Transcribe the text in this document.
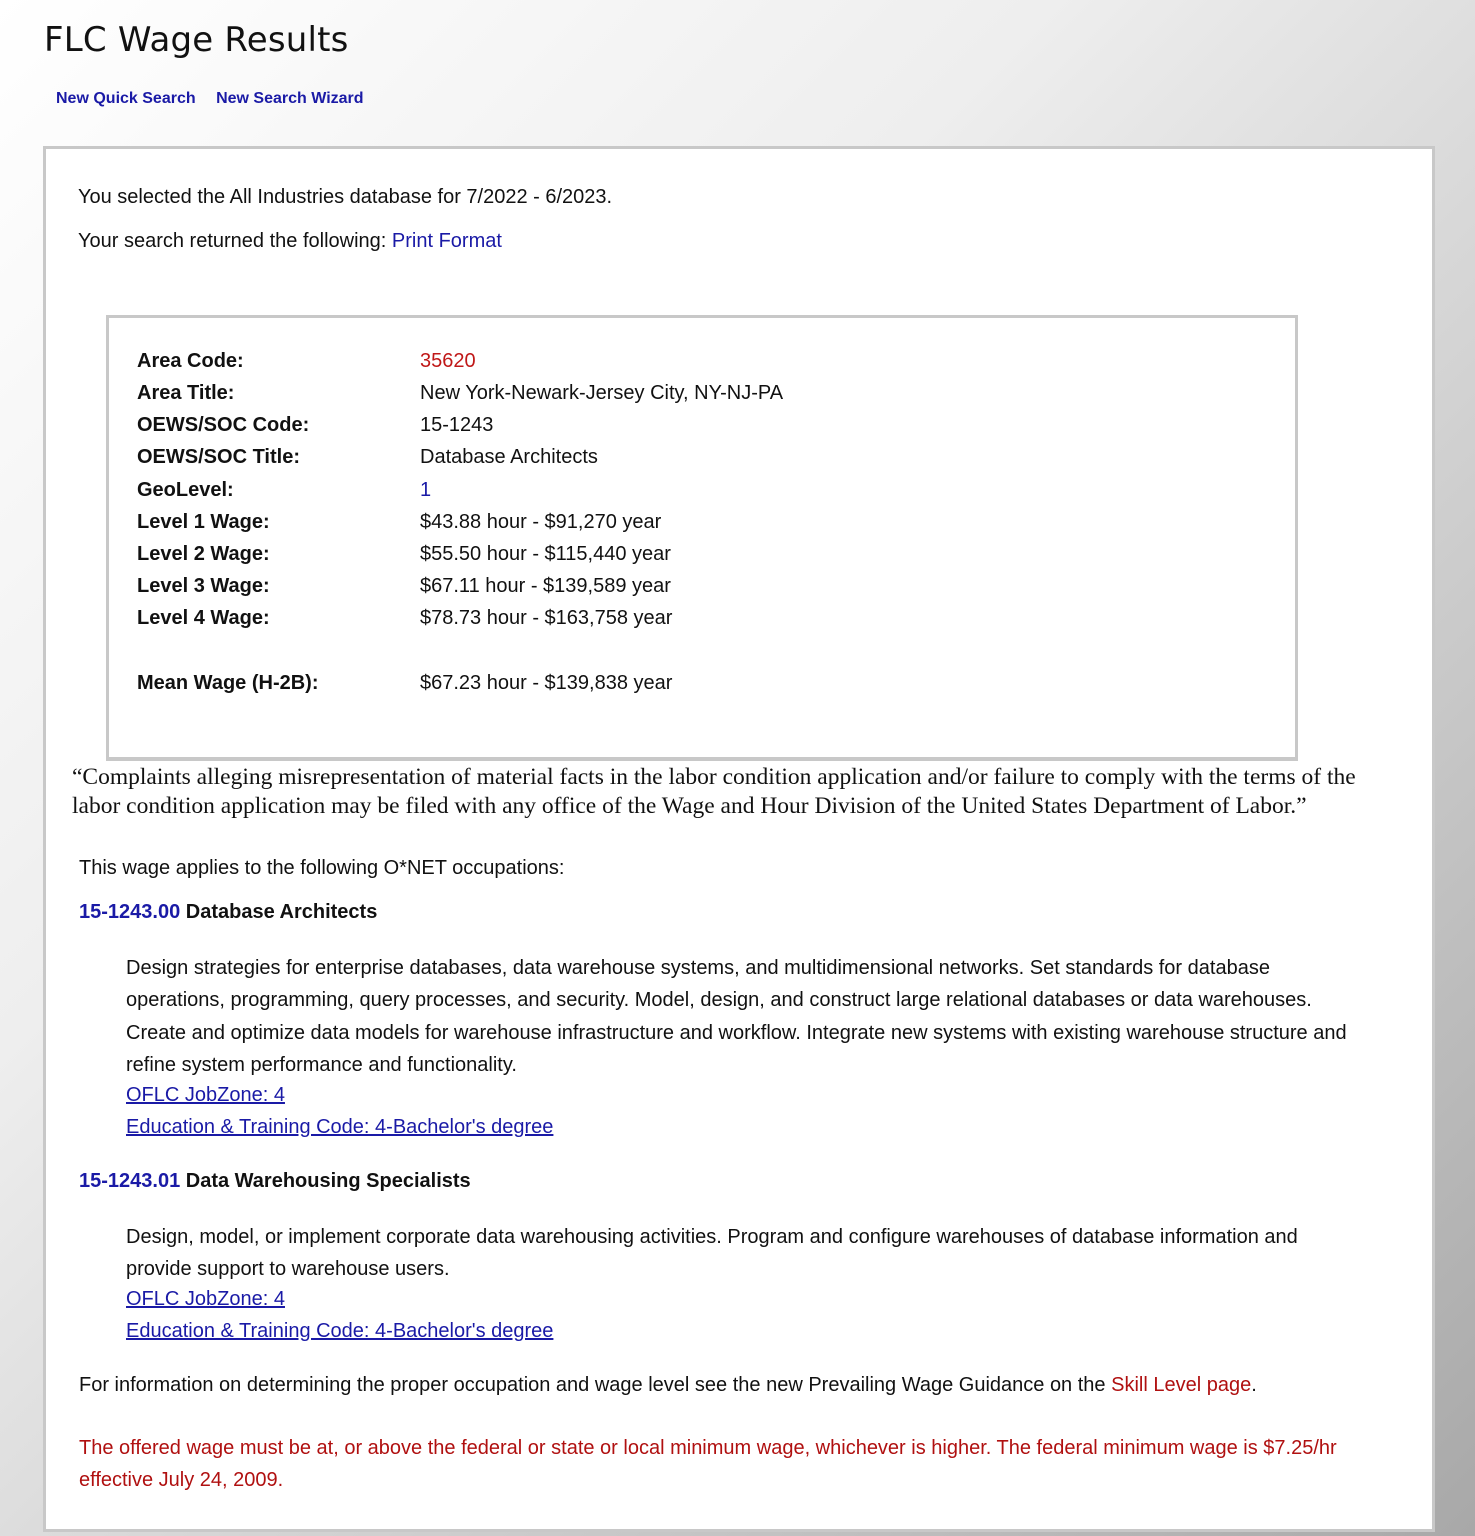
FLC Wage Results
New Quick Search New Search Wizard
You selected the All Industries database for 7/2022 - 6/2023.
Your search returned the following: Print Format
Area Code:	35620
Area Title:	New York-Newark-Jersey City, NY-NJ-PA
OEWS/SOC Code:	15-1243
OEWS/SOC Title:	Database Architects
GeoLevel:	1
Level 1 Wage:	$43.88 hour - $91,270 year
Level 2 Wage:	$55.50 hour - $115,440 year
Level 3 Wage:	$67.11 hour - $139,589 year
Level 4 Wage:	$78.73 hour - $163,758 year
Mean Wage (H-2B):	$67.23 hour - $139,838 year
“Complaints alleging misrepresentation of material facts in the labor condition application and/or failure to comply with the terms of the labor condition application may be filed with any office of the Wage and Hour Division of the United States Department of Labor.”
This wage applies to the following O*NET occupations:
15-1243.00 Database Architects
Design strategies for enterprise databases, data warehouse systems, and multidimensional networks. Set standards for database operations, programming, query processes, and security. Model, design, and construct large relational databases or data warehouses. Create and optimize data models for warehouse infrastructure and workflow. Integrate new systems with existing warehouse structure and refine system performance and functionality.
OFLC JobZone: 4
Education & Training Code: 4-Bachelor's degree
15-1243.01 Data Warehousing Specialists
Design, model, or implement corporate data warehousing activities. Program and configure warehouses of database information and provide support to warehouse users.
OFLC JobZone: 4
Education & Training Code: 4-Bachelor's degree
For information on determining the proper occupation and wage level see the new Prevailing Wage Guidance on the Skill Level page.
The offered wage must be at, or above the federal or state or local minimum wage, whichever is higher. The federal minimum wage is $7.25/hr effective July 24, 2009.
